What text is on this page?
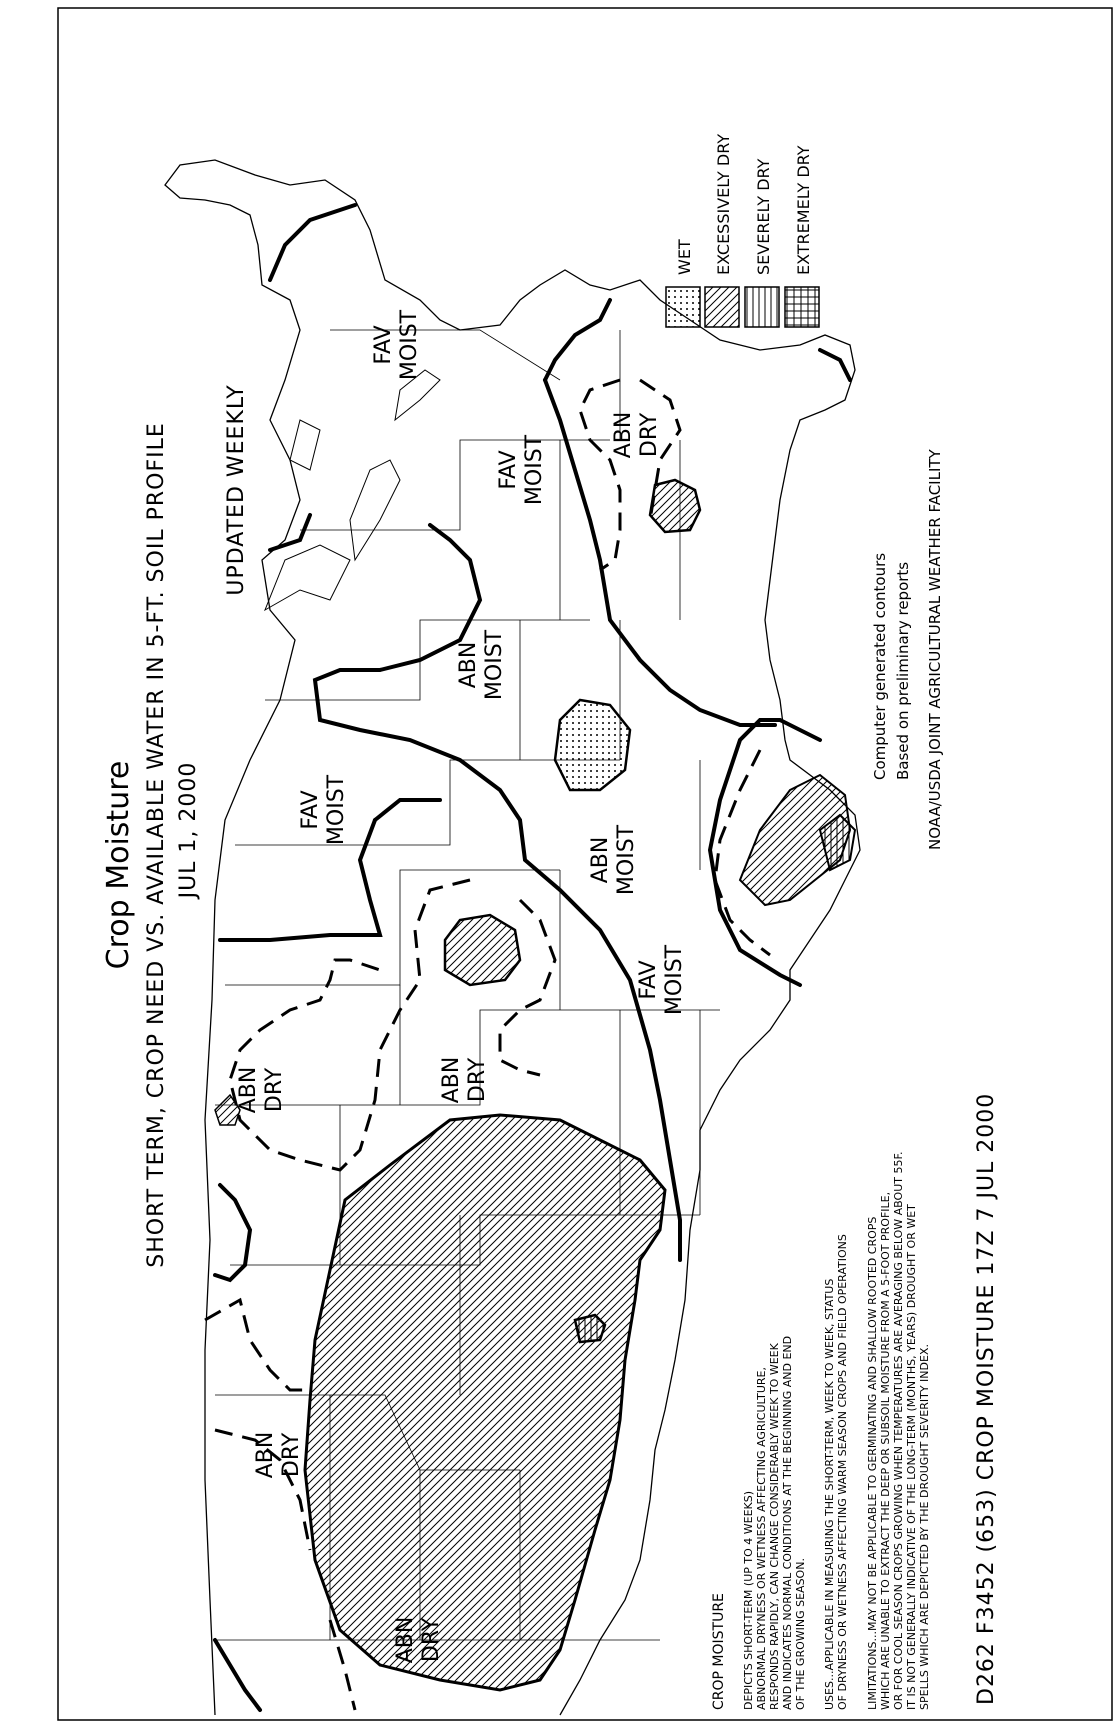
Crop Moisture SHORT TERM, CROP NEED VS. AVAILABLE WATER IN 5-FT. SOIL PROFILE JUL 1, 2000
UPDATED WEEKLY
FAV MOIST
ABN DRY
FAV MOIST
ABN MOIST
FAV MOIST
ABN MOIST
FAV MOIST
ABN DRY	ABN DRY
ABN DRY
ABN DRY
WET EXCESSIVELY DRY SEVERELY DRY EXTREMELY DRY
Computer generated contours Based on preliminary reports NOAA/USDA JOINT AGRICULTURAL WEATHER FACILITY
CROP MOISTURE DEPICTS SHORT-TERM (UP TO 4 WEEKS) ABNORMAL DRYNESS OR WETNESS AFFECTING AGRICULTURE, RESPONDS RAPIDLY, CAN CHANGE CONSIDERABLY WEEK TO WEEK AND INDICATES NORMAL CONDITIONS AT THE BEGINNING AND END OF THE GROWING SEASON. USES...APPLICABLE IN MEASURING THE SHORT-TERM, WEEK TO WEEK, STATUS OF DRYNESS OR WETNESS AFFECTING WARM SEASON CROPS AND FIELD OPERATIONS LIMITATIONS...MAY NOT BE APPLICABLE TO GERMINATING AND SHALLOW ROOTED CROPS WHICH ARE UNABLE TO EXTRACT THE DEEP OR SUBSOIL MOISTURE FROM A 5-FOOT PROFILE, OR FOR COOL SEASON CROPS GROWING WHEN TEMPERATURES ARE AVERAGING BELOW ABOUT 55F. IT IS NOT GENERALLY INDICATIVE OF THE LONG-TERM (MONTHS, YEARS) DROUGHT OR WET SPELLS WHICH ARE DEPICTED BY THE DROUGHT SEVERITY INDEX. D262 F3452 (653) CROP MOISTURE 17Z 7 JUL 2000
